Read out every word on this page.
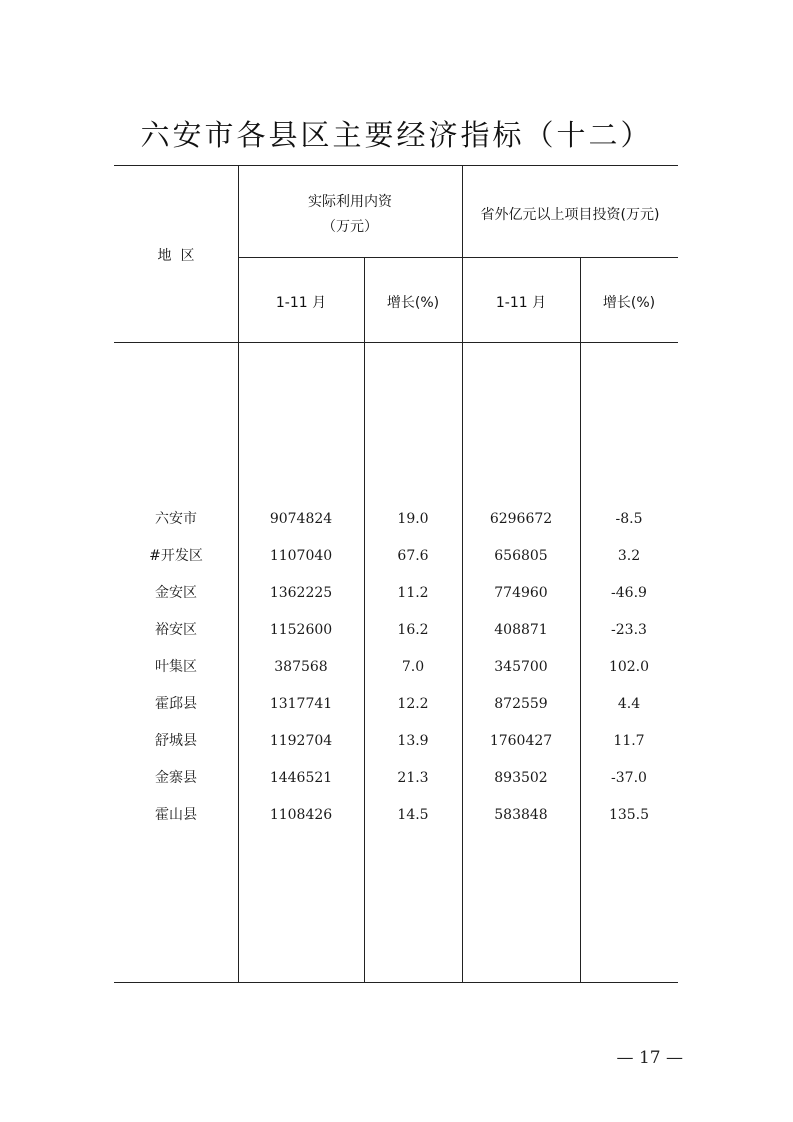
六安市各县区主要经济指标（十二）
地  区
实际利用内资
（万元）
省外亿元以上项目投资(万元)
1-11 月	增长(%)	1-11 月	增长(%)
六安市	9074824	19.0	6296672	-8.5
#开发区	1107040	67.6	656805	3.2
金安区	1362225	11.2	774960	-46.9
裕安区	1152600	16.2	408871	-23.3
叶集区	387568	7.0	345700	102.0
霍邱县	1317741	12.2	872559	4.4
舒城县	1192704	13.9	1760427	11.7
金寨县	1446521	21.3	893502	-37.0
霍山县	1108426	14.5	583848	135.5
— 17 —
